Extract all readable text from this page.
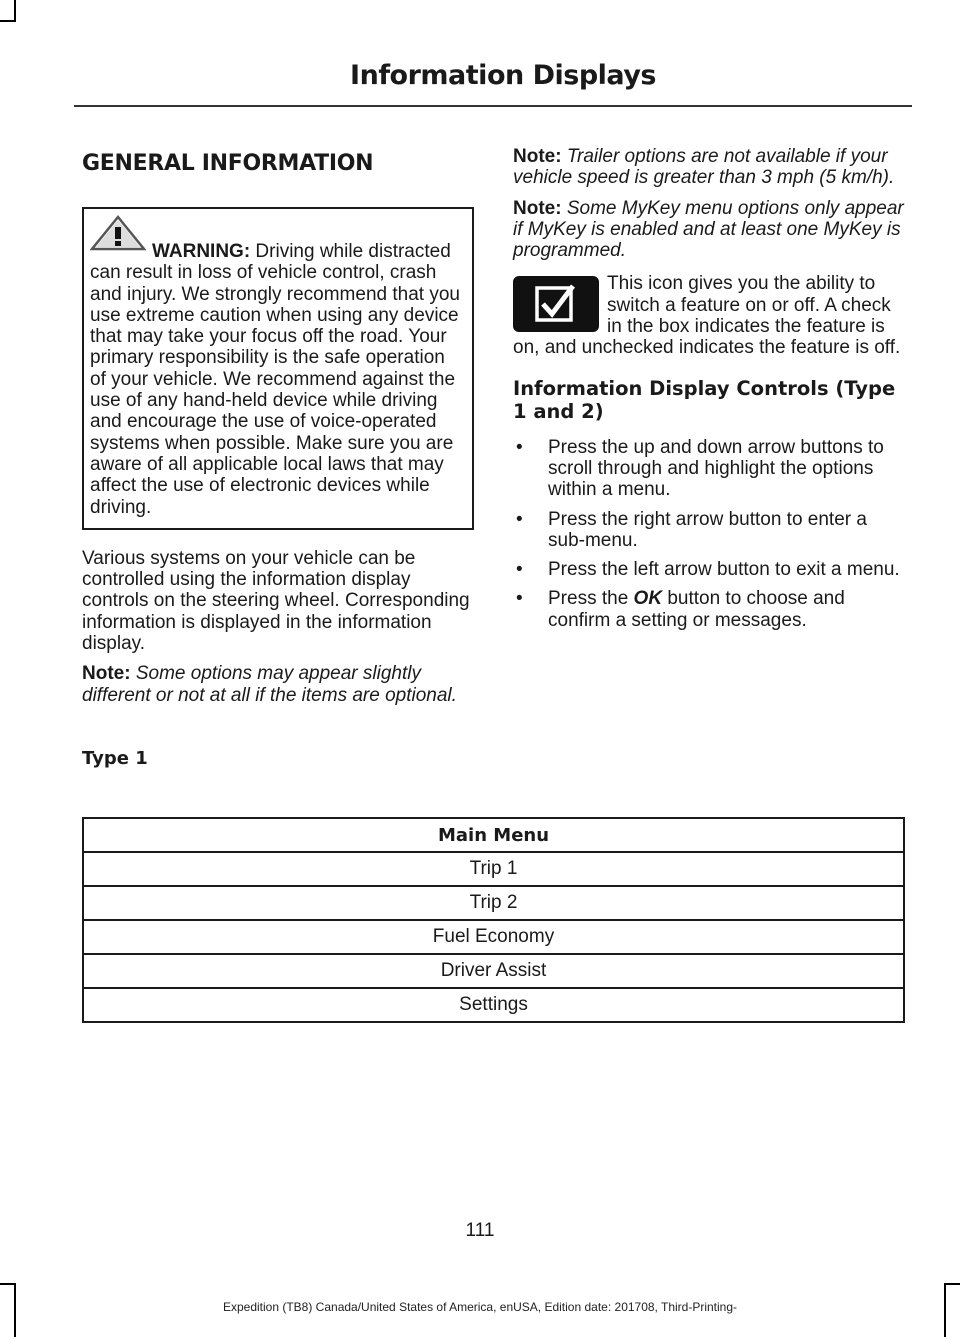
Information Displays
GENERAL INFORMATION
WARNING: Driving while distracted can result in loss of vehicle control, crash and injury. We strongly recommend that you use extreme caution when using any device that may take your focus off the road. Your primary responsibility is the safe operation of your vehicle. We recommend against the use of any hand-held device while driving and encourage the use of voice-operated systems when possible. Make sure you are aware of all applicable local laws that may affect the use of electronic devices while driving.

Various systems on your vehicle can be controlled using the information display controls on the steering wheel. Corresponding information is displayed in the information display.

Note: Some options may appear slightly different or not at all if the items are optional.

Note: Trailer options are not available if your vehicle speed is greater than 3 mph (5 km/h).

Note: Some MyKey menu options only appear if MyKey is enabled and at least one MyKey is programmed.

This icon gives you the ability to switch a feature on or off. A check in the box indicates the feature is on, and unchecked indicates the feature is off.

Information Display Controls (Type 1 and 2)
• Press the up and down arrow buttons to scroll through and highlight the options within a menu.
• Press the right arrow button to enter a sub-menu.
• Press the left arrow button to exit a menu.
• Press the OK button to choose and confirm a setting or messages.
Type 1
Main Menu
Trip 1
Trip 2
Fuel Economy
Driver Assist
Settings
111
Expedition (TB8) Canada/United States of America, enUSA, Edition date: 201708, Third-Printing-
